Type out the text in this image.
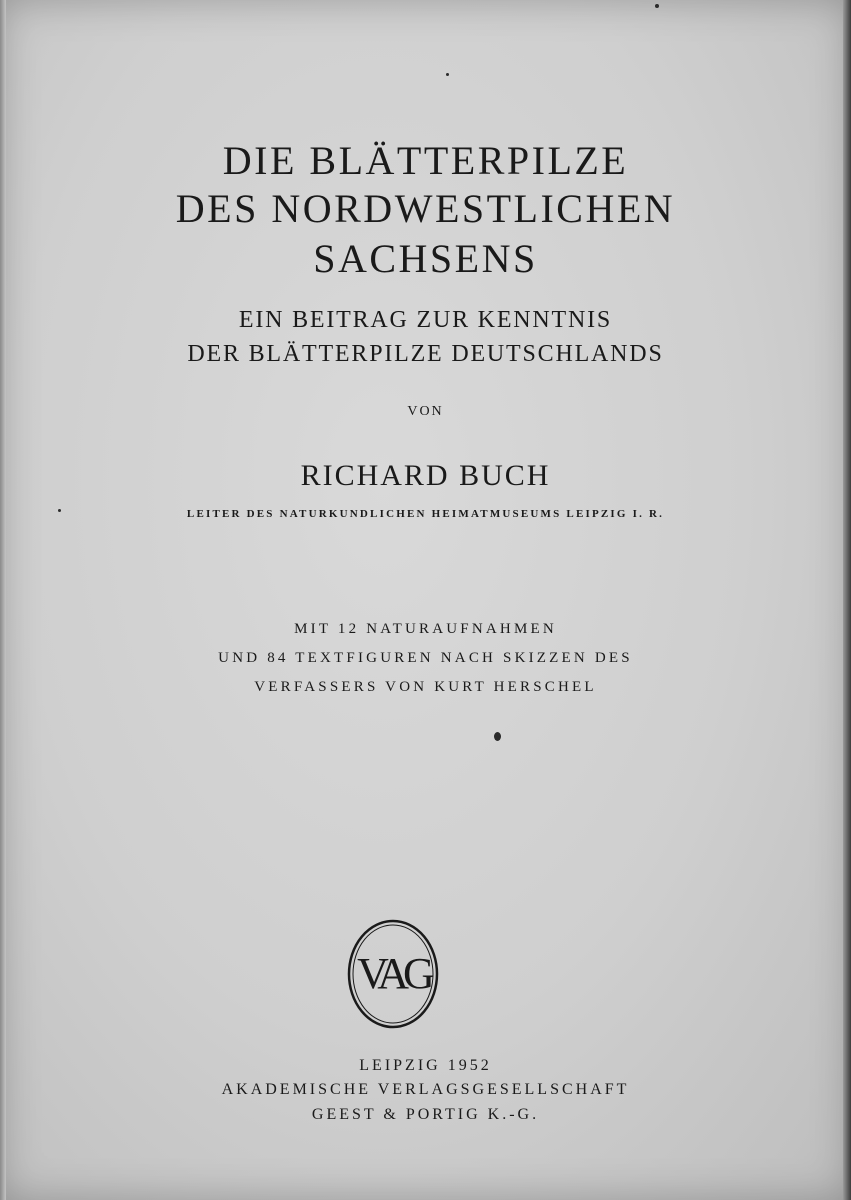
DIE BLÄTTERPILZE
DES NORDWESTLICHEN
SACHSENS
EIN BEITRAG ZUR KENNTNIS
DER BLÄTTERPILZE DEUTSCHLANDS
VON
RICHARD BUCH
LEITER DES NATURKUNDLICHEN HEIMATMUSEUMS LEIPZIG I. R.
MIT 12 NATURAUFNAHMEN
UND 84 TEXTFIGUREN NACH SKIZZEN DES
VERFASSERS VON KURT HERSCHEL
VAG
LEIPZIG 1952
AKADEMISCHE VERLAGSGESELLSCHAFT
GEEST & PORTIG K.-G.
